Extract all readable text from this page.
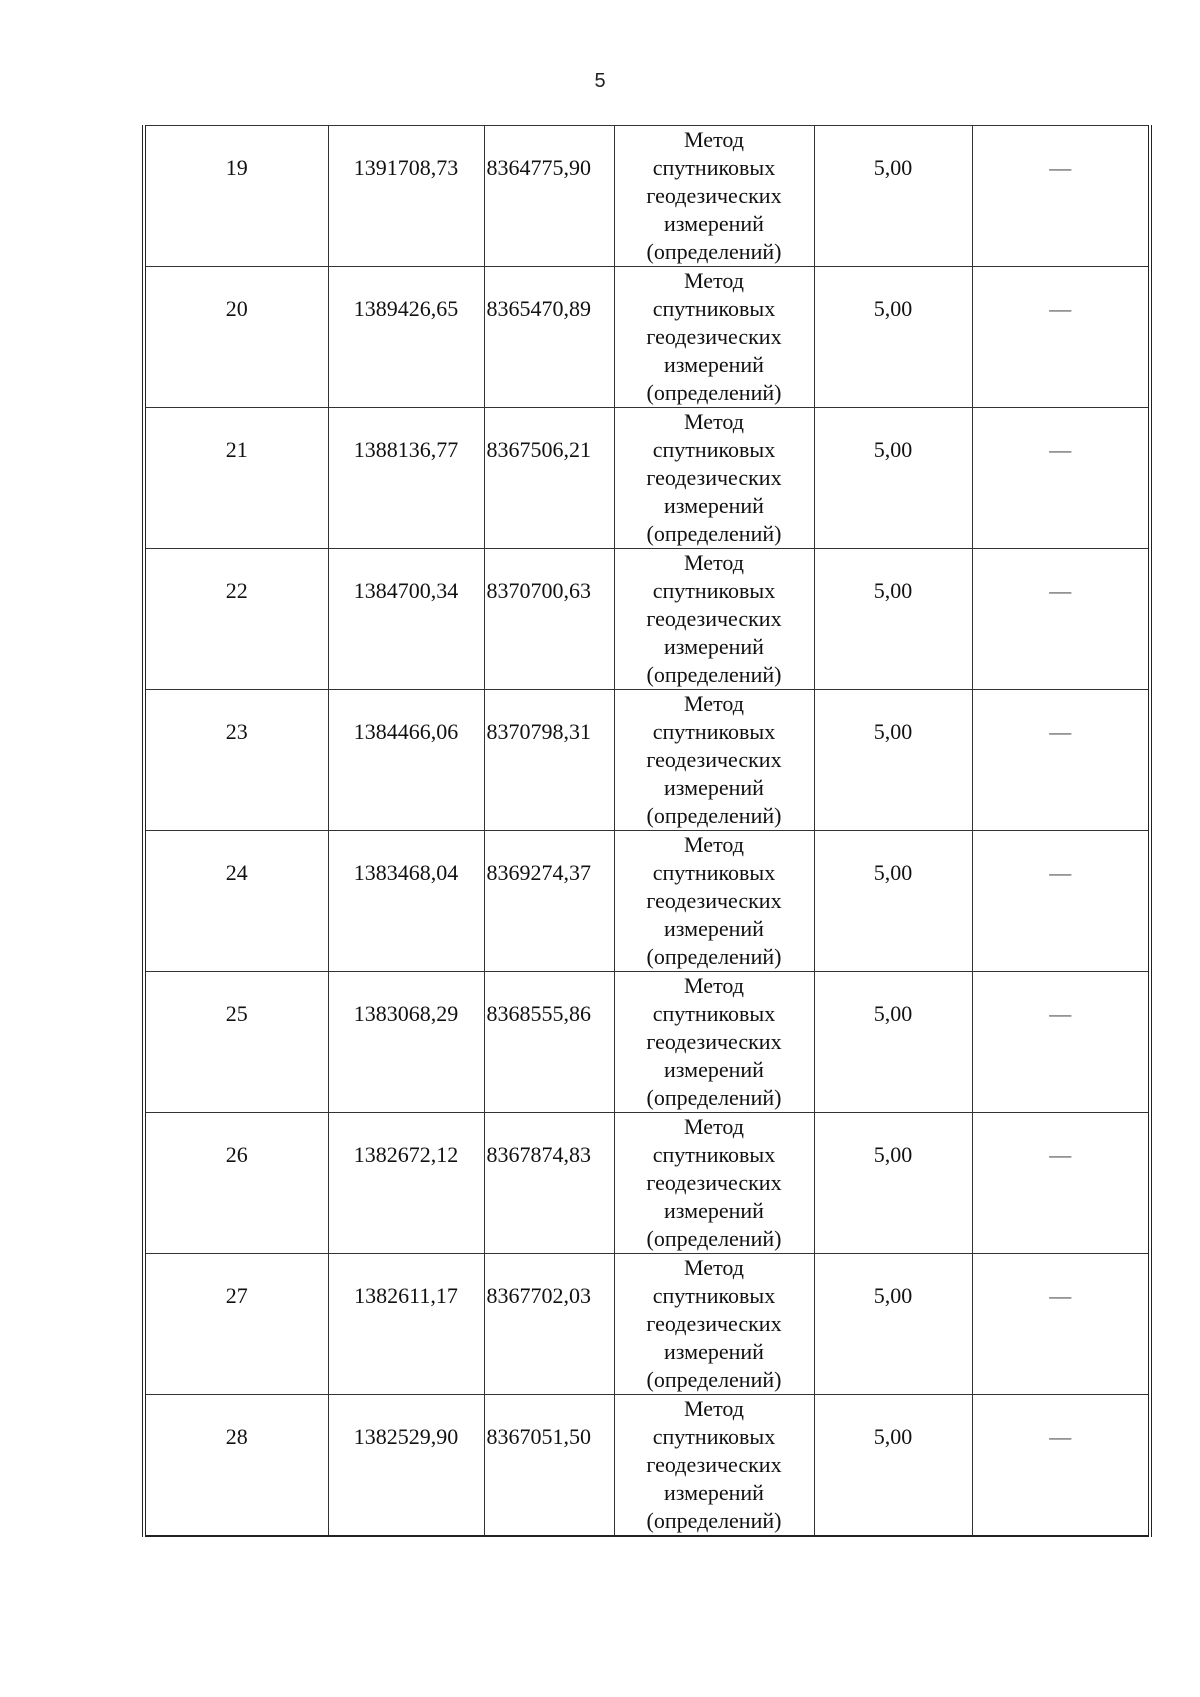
5
19	1391708,73	8364775,90	Метод
спутниковых
геодезических
измерений
(определений)	5,00	—
20	1389426,65	8365470,89	Метод
спутниковых
геодезических
измерений
(определений)	5,00	—
21	1388136,77	8367506,21	Метод
спутниковых
геодезических
измерений
(определений)	5,00	—
22	1384700,34	8370700,63	Метод
спутниковых
геодезических
измерений
(определений)	5,00	—
23	1384466,06	8370798,31	Метод
спутниковых
геодезических
измерений
(определений)	5,00	—
24	1383468,04	8369274,37	Метод
спутниковых
геодезических
измерений
(определений)	5,00	—
25	1383068,29	8368555,86	Метод
спутниковых
геодезических
измерений
(определений)	5,00	—
26	1382672,12	8367874,83	Метод
спутниковых
геодезических
измерений
(определений)	5,00	—
27	1382611,17	8367702,03	Метод
спутниковых
геодезических
измерений
(определений)	5,00	—
28	1382529,90	8367051,50	Метод
спутниковых
геодезических
измерений
(определений)	5,00	—
